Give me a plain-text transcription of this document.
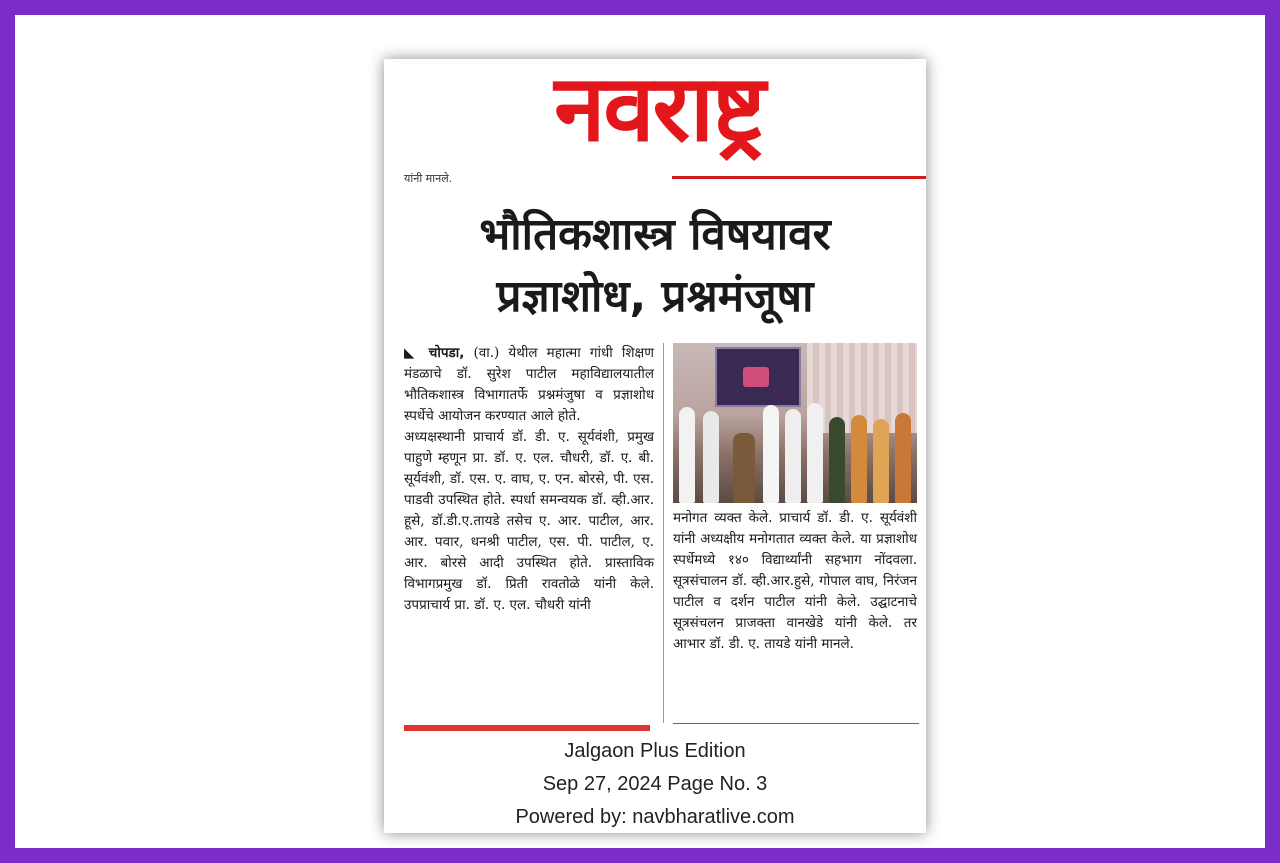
नवराष्ट्र
यांनी मानले.
भौतिकशास्त्र विषयावर
प्रज्ञाशोध, प्रश्नमंजूषा

◣ चोपडा, (वा.) येथील महात्मा गांधी शिक्षण मंडळाचे डॉ. सुरेश पाटील महाविद्यालयातील भौतिकशास्त्र विभागातर्फे प्रश्नमंजुषा व प्रज्ञाशोध स्पर्धेचे आयोजन करण्यात आले होते.

अध्यक्षस्थानी प्राचार्य डॉ. डी. ए. सूर्यवंशी, प्रमुख पाहुणे म्हणून प्रा. डॉ. ए. एल. चौधरी, डॉ. ए. बी. सूर्यवंशी, डॉ. एस. ए. वाघ, ए. एन. बोरसे, पी. एस. पाडवी उपस्थित होते. स्पर्धा समन्वयक डॉ. व्ही.आर. हूसे, डॉ.डी.ए.तायडे तसेच ए. आर. पाटील, आर. आर. पवार, धनश्री पाटील, एस. पी. पाटील, ए. आर. बोरसे आदी उपस्थित होते. प्रास्ताविक विभागप्रमुख डॉ. प्रिती रावतोळे यांनी केले. उपप्राचार्य प्रा. डॉ. ए. एल. चौधरी यांनी

मनोगत व्यक्त केले. प्राचार्य डॉ. डी. ए. सूर्यवंशी यांनी अध्यक्षीय मनोगतात व्यक्त केले. या प्रज्ञाशोध स्पर्धेमध्ये १४० विद्यार्थ्यांनी सहभाग नोंदवला. सूत्रसंचालन डॉ. व्ही.आर.हुसे, गोपाल वाघ, निरंजन पाटील व दर्शन पाटील यांनी केले. उद्घाटनाचे सूत्रसंचलन प्राजक्ता वानखेडे यांनी केले. तर आभार डॉ. डी. ए. तायडे यांनी मानले.

Jalgaon Plus Edition
Sep 27, 2024 Page No. 3
Powered by: navbharatlive.com
